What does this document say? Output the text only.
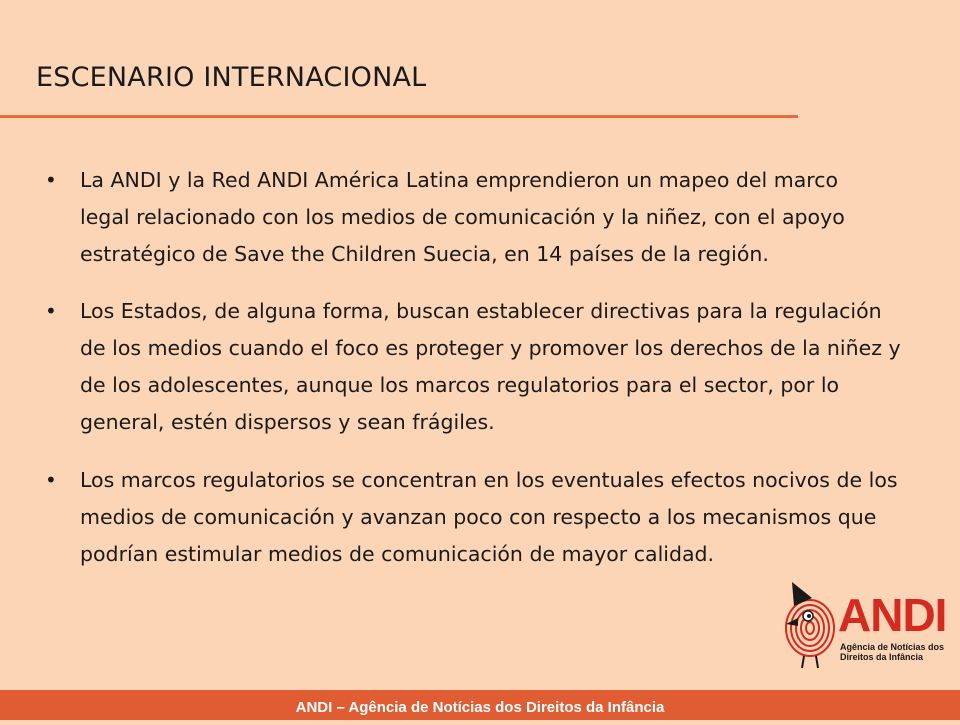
ESCENARIO INTERNACIONAL
• La ANDI y la Red ANDI América Latina emprendieron un mapeo del marco legal relacionado con los medios de comunicación y la niñez, con el apoyo estratégico de Save the Children Suecia, en 14 países de la región.
• Los Estados, de alguna forma, buscan establecer directivas para la regulación de los medios cuando el foco es proteger y promover los derechos de la niñez y de los adolescentes, aunque los marcos regulatorios para el sector, por lo general, estén dispersos y sean frágiles.
• Los marcos regulatorios se concentran en los eventuales efectos nocivos de los medios de comunicación y avanzan poco con respecto a los mecanismos que podrían estimular medios de comunicación de mayor calidad.
ANDI
Agência de Notícias dos
Direitos da Infância
ANDI – Agência de Notícias dos Direitos da Infância
